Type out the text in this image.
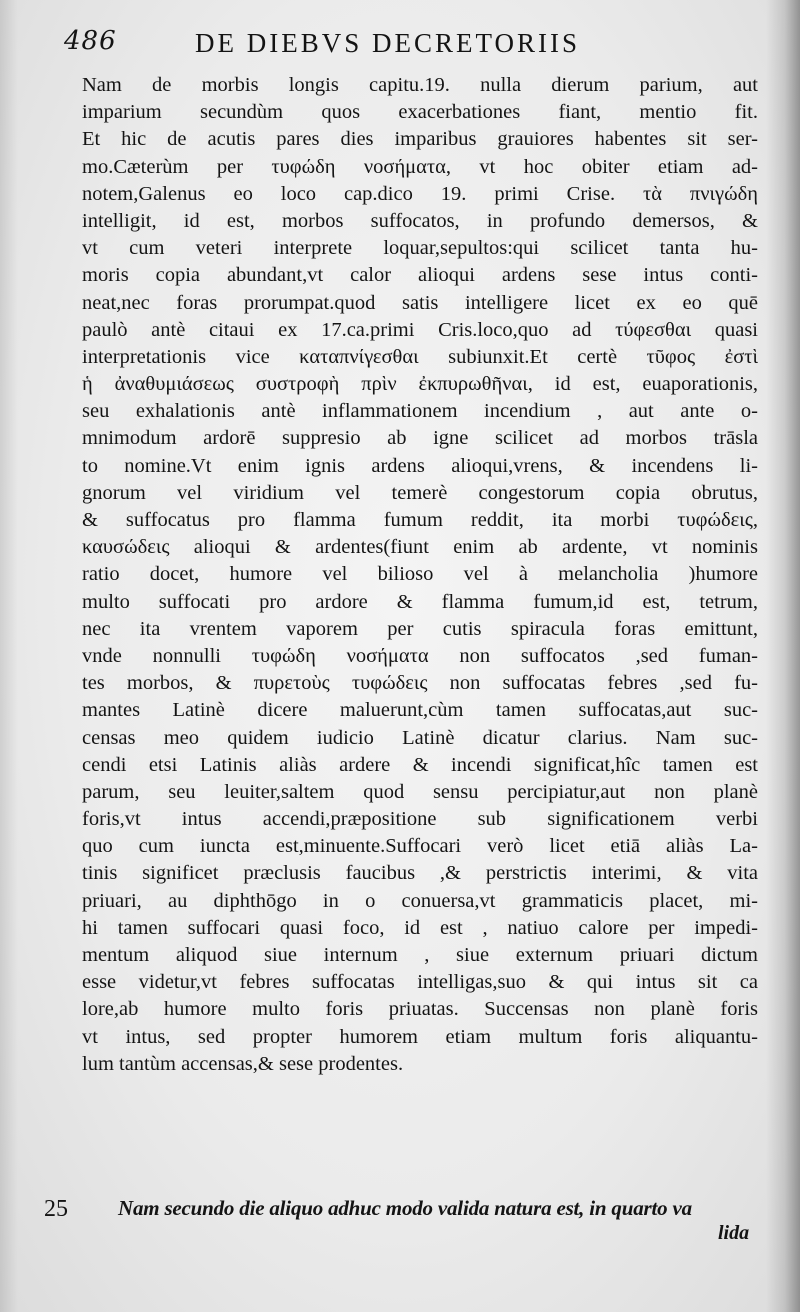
486	DE DIEBVS DECRETORIIS
Nam de morbis longis capitu.19. nulla dierum parium, aut
imparium secundùm quos exacerbationes fiant, mentio fit.
Et hic de acutis pares dies imparibus grauiores habentes sit ser-
mo.Cæterùm per τυφώδη νοσήματα, vt hoc obiter etiam ad-
notem,Galenus eo loco cap.dico 19. primi Crise. τὰ πνιγώδη
intelligit, id est, morbos suffocatos, in profundo demersos, &
vt cum veteri interprete loquar,sepultos:qui scilicet tanta hu-
moris copia abundant,vt calor alioqui ardens sese intus conti-
neat,nec foras prorumpat.quod satis intelligere licet ex eo quē
paulò antè citaui ex 17.ca.primi Cris.loco,quo ad τύφεσθαι quasi
interpretationis vice καταπνίγεσθαι subiunxit.Et certè τῦφος ἐστὶ
ἡ ἀναθυμιάσεως συστροφὴ πρὶν ἐκπυρωθῆναι, id est, euaporationis,
seu exhalationis antè inflammationem incendium , aut ante o-
mnimodum ardorē suppresio ab igne scilicet ad morbos trāsla
to nomine.Vt enim ignis ardens alioqui,vrens, & incendens li-
gnorum vel viridium vel temerè congestorum copia obrutus,
& suffocatus pro flamma fumum reddit, ita morbi τυφώδεις,
καυσώδεις alioqui & ardentes(fiunt enim ab ardente, vt nominis
ratio docet, humore vel bilioso vel à melancholia )humore
multo suffocati pro ardore & flamma fumum,id est, tetrum,
nec ita vrentem vaporem per cutis spiracula foras emittunt,
vnde nonnulli τυφώδη νοσήματα non suffocatos ,sed fuman-
tes morbos, & πυρετοὺς τυφώδεις non suffocatas febres ,sed fu-
mantes Latinè dicere maluerunt,cùm tamen suffocatas,aut suc-
censas meo quidem iudicio Latinè dicatur clarius. Nam suc-
cendi etsi Latinis aliàs ardere & incendi significat,hîc tamen est
parum, seu leuiter,saltem quod sensu percipiatur,aut non planè
foris,vt intus accendi,præpositione sub significationem verbi
quo cum iuncta est,minuente.Suffocari verò licet etiā aliàs La-
tinis significet præclusis faucibus ,& perstrictis interimi, & vita
priuari, au diphthōgo in o conuersa,vt grammaticis placet, mi-
hi tamen suffocari quasi foco, id est , natiuo calore per impedi-
mentum aliquod siue internum , siue externum priuari dictum
esse videtur,vt febres suffocatas intelligas,suo & qui intus sit ca
lore,ab humore multo foris priuatas. Succensas non planè foris
vt intus, sed propter humorem etiam multum foris aliquantu-
lum tantùm accensas,& sese prodentes.
25 Nam secundo die aliquo adhuc modo valida natura est, in quarto va
lida
